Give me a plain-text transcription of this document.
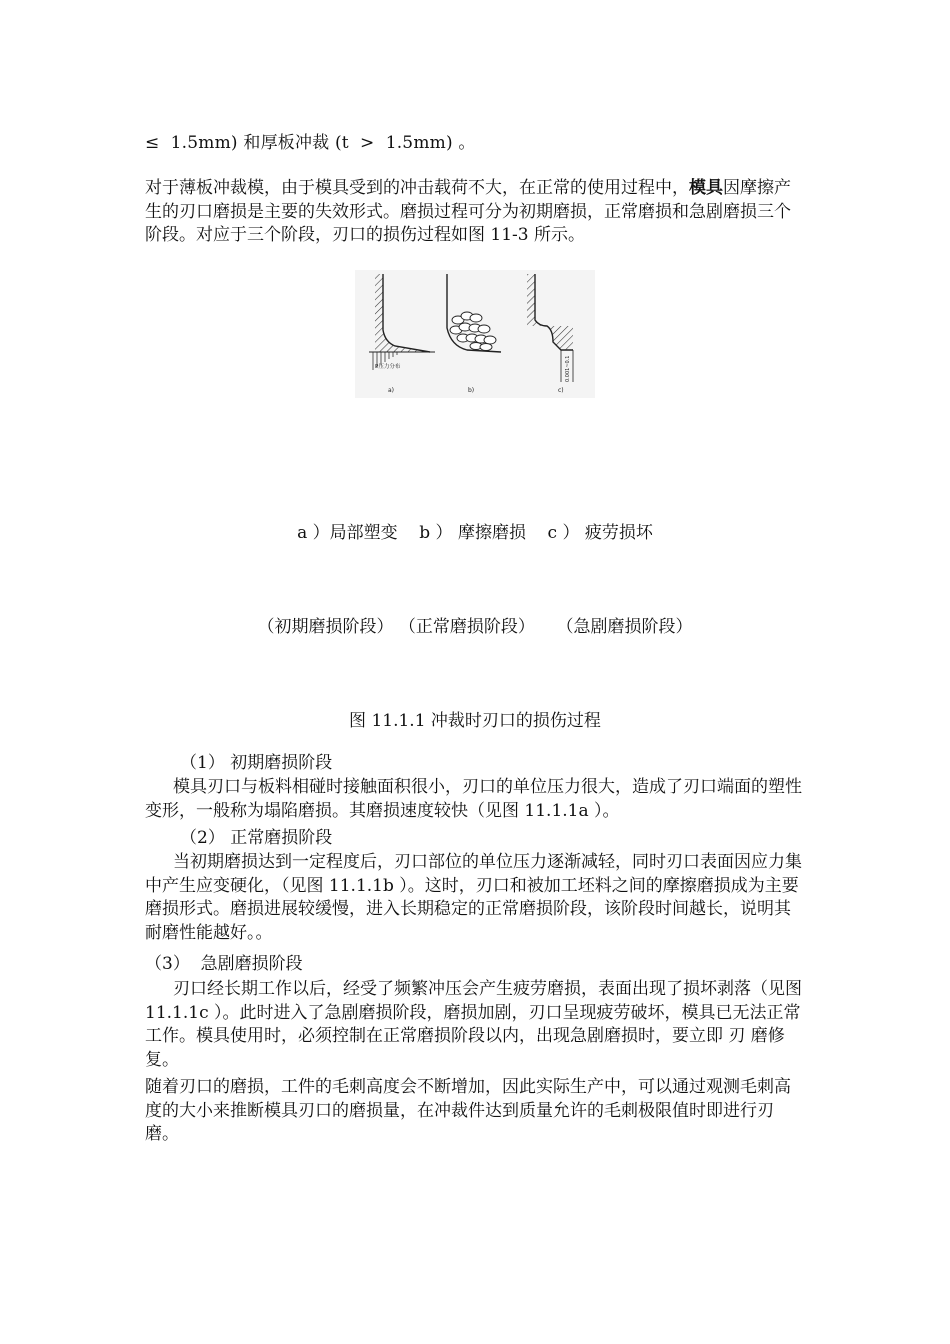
≤  1.5mm) 和厚板冲裁 (t  >  1.5mm) 。
对于薄板冲裁模，由于模具受到的冲击载荷不大，在正常的使用过程中，模具因摩擦产生的刃口磨损是主要的失效形式。磨损过程可分为初期磨损，正常磨损和急剧磨损三个阶段。对应于三个阶段，刃口的损伤过程如图 11-3 所示。
P压力分布
a)	b)
0.001~0.1
c)
a ）局部塑变    b ） 摩擦磨损    c ） 疲劳损坏
（初期磨损阶段） （正常磨损阶段）    （急剧磨损阶段）
图 11.1.1 冲裁时刃口的损伤过程
（1） 初期磨损阶段
模具刃口与板料相碰时接触面积很小，刃口的单位压力很大，造成了刃口端面的塑性变形，一般称为塌陷磨损。其磨损速度较快（见图 11.1.1a ）。
（2） 正常磨损阶段
当初期磨损达到一定程度后，刃口部位的单位压力逐渐减轻，同时刃口表面因应力集中产生应变硬化，（见图 11.1.1b ）。这时，刃口和被加工坯料之间的摩擦磨损成为主要磨损形式。磨损进展较缓慢，进入长期稳定的正常磨损阶段，该阶段时间越长，说明其耐磨性能越好。。
（3）  急剧磨损阶段
刃口经长期工作以后，经受了频繁冲压会产生疲劳磨损，表面出现了损坏剥落（见图 11.1.1c ）。此时进入了急剧磨损阶段，磨损加剧，刃口呈现疲劳破坏，模具已无法正常工作。模具使用时，必须控制在正常磨损阶段以内，出现急剧磨损时，要立即 刃 磨修复。
随着刃口的磨损，工件的毛刺高度会不断增加，因此实际生产中，可以通过观测毛刺高度的大小来推断模具刃口的磨损量，在冲裁件达到质量允许的毛刺极限值时即进行刃 磨。
